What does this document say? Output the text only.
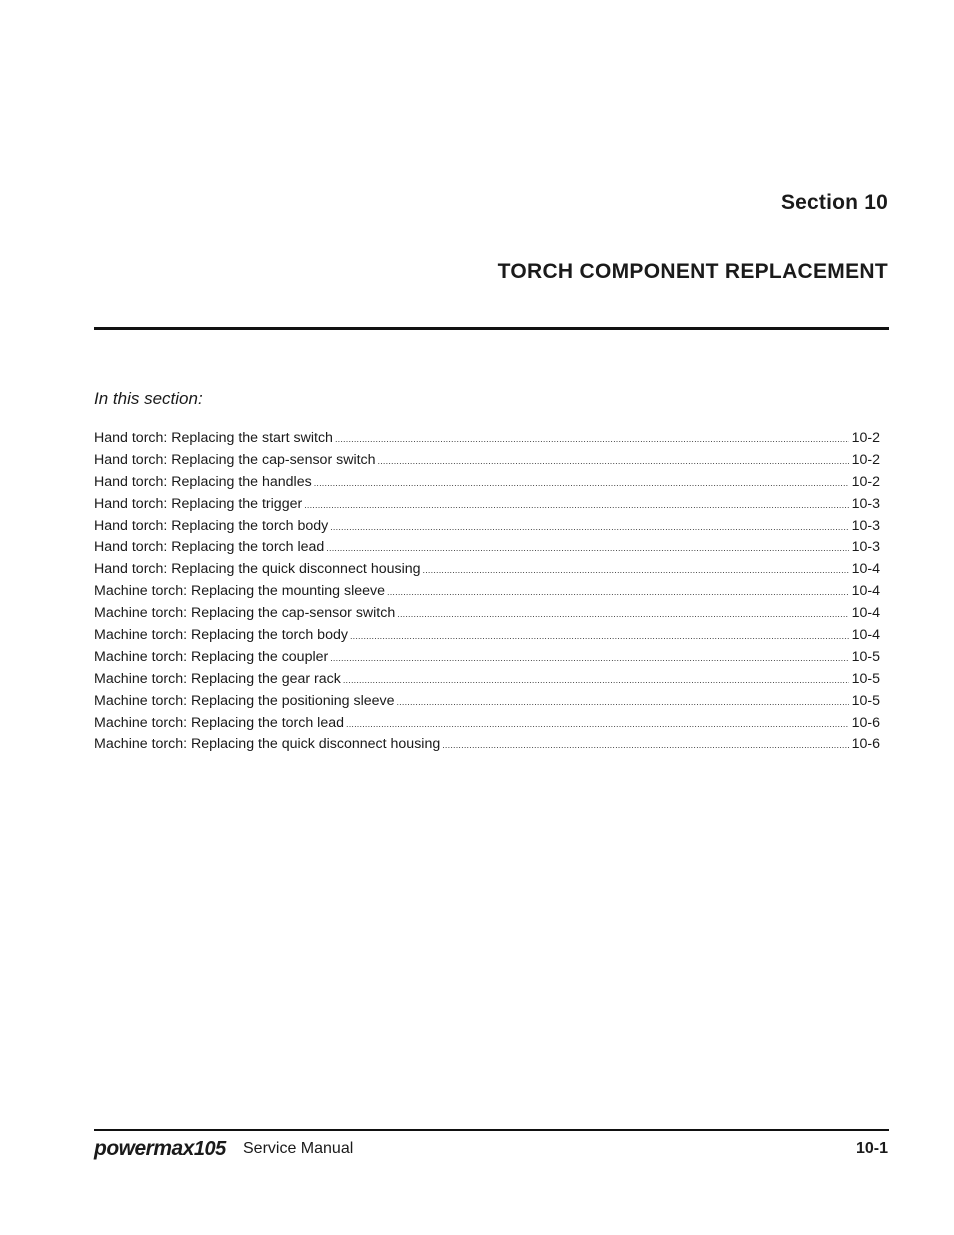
Section 10
TORCH COMPONENT REPLACEMENT
In this section:
Hand torch: Replacing the start switch .....	10-2
Hand torch: Replacing the cap-sensor switch .....	10-2
Hand torch: Replacing the handles .....	10-2
Hand torch: Replacing the trigger .....	10-3
Hand torch: Replacing the torch body .....	10-3
Hand torch: Replacing the torch lead .....	10-3
Hand torch: Replacing the quick disconnect housing .....	10-4
Machine torch: Replacing the mounting sleeve .....	10-4
Machine torch: Replacing the cap-sensor switch .....	10-4
Machine torch: Replacing the torch body .....	10-4
Machine torch: Replacing the coupler .....	10-5
Machine torch: Replacing the gear rack .....	10-5
Machine torch: Replacing the positioning sleeve .....	10-5
Machine torch: Replacing the torch lead .....	10-6
Machine torch: Replacing the quick disconnect housing .....	10-6
powermax105 Service Manual	10-1
